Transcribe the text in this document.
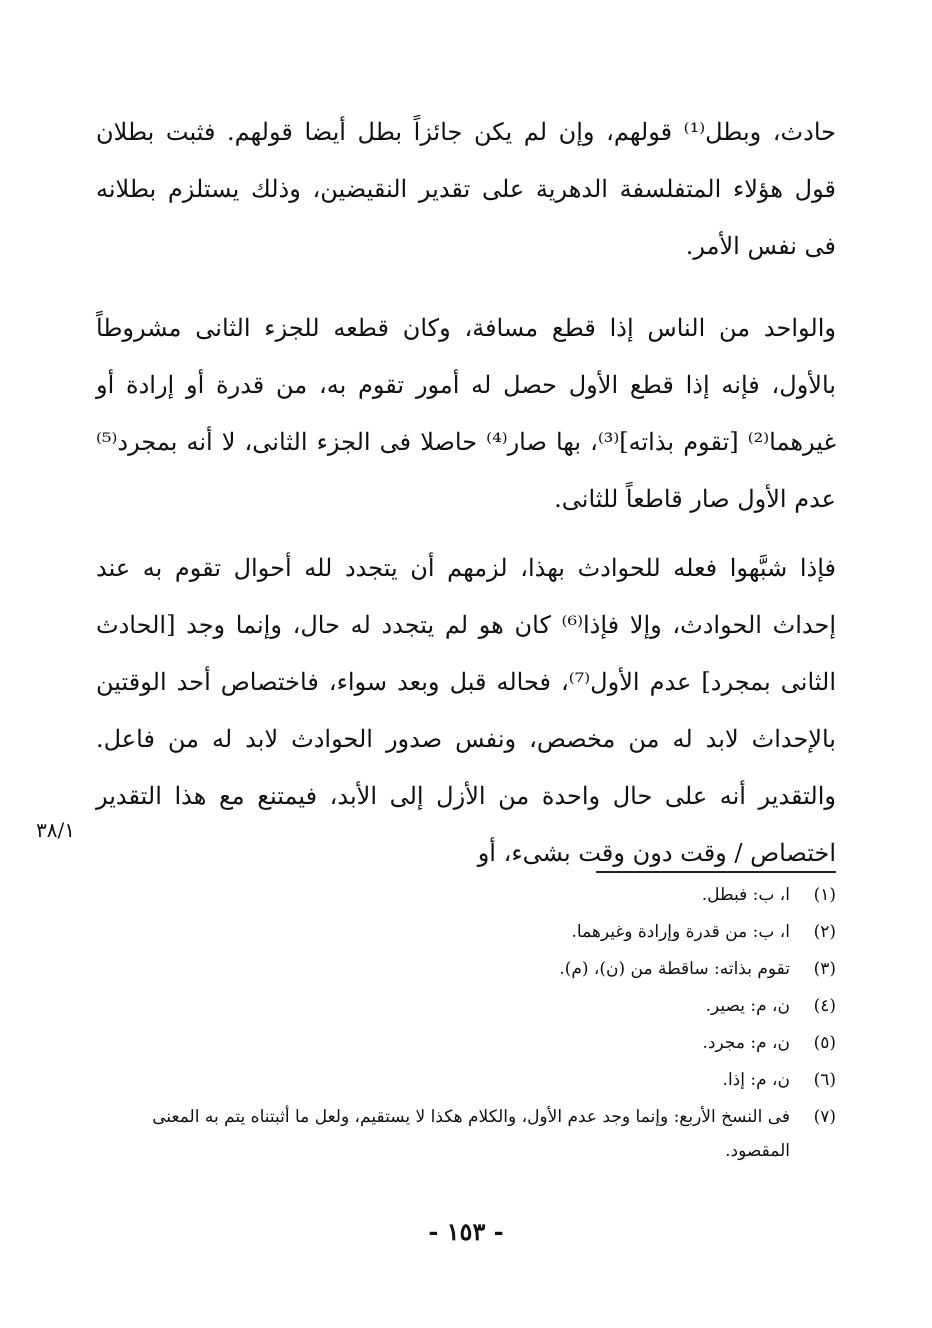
حادث، وبطل⁽¹⁾ قولهم، وإن لم يكن جائزاً بطل أيضا قولهم. فثبت بطلان قول هؤلاء المتفلسفة الدهرية على تقدير النقيضين، وذلك يستلزم بطلانه فى نفس الأمر.

والواحد من الناس إذا قطع مسافة، وكان قطعه للجزء الثانى مشروطاً بالأول، فإنه إذا قطع الأول حصل له أمور تقوم به، من قدرة أو إرادة أو غيرهما⁽²⁾ [تقوم بذاته]⁽³⁾، بها صار⁽⁴⁾ حاصلا فى الجزء الثانى، لا أنه بمجرد⁽⁵⁾ عدم الأول صار قاطعاً للثانى.

فإذا شبَّهوا فعله للحوادث بهذا، لزمهم أن يتجدد لله أحوال تقوم به عند إحداث الحوادث، وإلا فإذا⁽⁶⁾ كان هو لم يتجدد له حال، وإنما وجد [الحادث الثانى بمجرد] عدم الأول⁽⁷⁾، فحاله قبل وبعد سواء، فاختصاص أحد الوقتين بالإحداث لابد له من مخصص، ونفس صدور الحوادث لابد له من فاعل. والتقدير أنه على حال واحدة من الأزل إلى الأبد، فيمتنع مع هذا التقدير اختصاص / وقت دون وقت بشىء، أو

٣٨/١
(١)
ا، ب: فبطل.
(٢)
ا، ب: من قدرة وإرادة وغيرهما.
(٣)
تقوم بذاته: ساقطة من (ن)، (م).
(٤)
ن، م: يصير.
(٥)
ن، م: مجرد.
(٦)
ن، م: إذا.
(٧)
فى النسخ الأربع: وإنما وجد عدم الأول، والكلام هكذا لا يستقيم، ولعل ما أثبتناه يتم به المعنى المقصود.
- ١٥٣ -
